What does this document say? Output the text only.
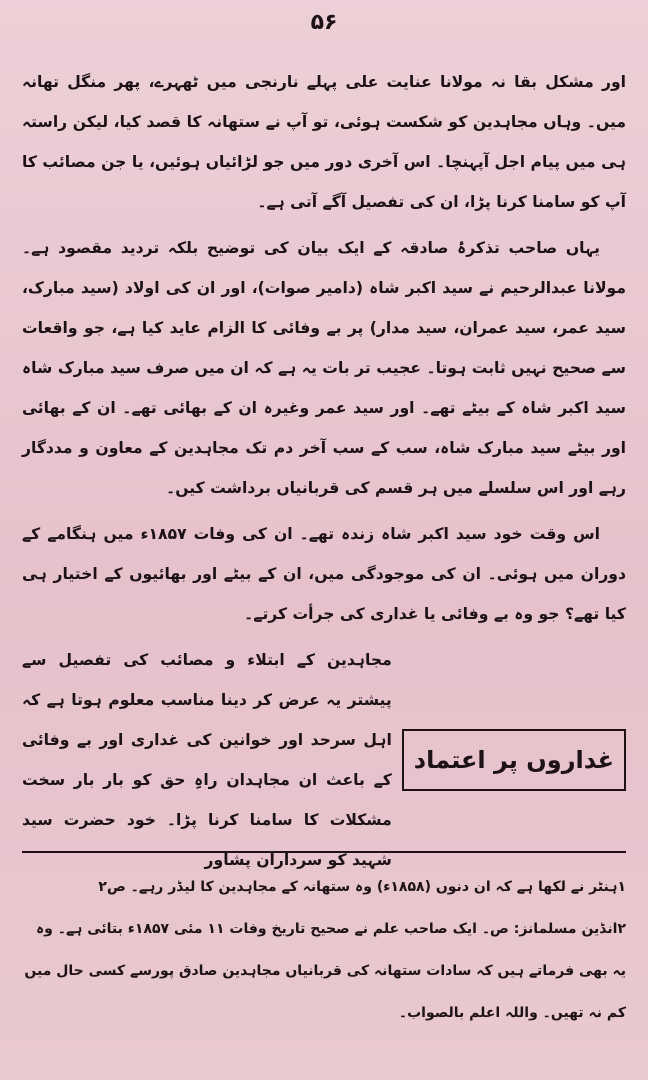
۵۶

اور مشکل بقا نہ مولانا عنایت علی پہلے نارنجی میں ٹھہرے، پھر منگل تھانہ میں۔ وہاں مجاہدین کو شکست ہوئی، تو آپ نے ستھانہ کا قصد کیا، لیکن راستہ ہی میں پیام اجل آپہنچا۔ اس آخری دور میں جو لڑائیاں ہوئیں، یا جن مصائب کا آپ کو سامنا کرنا پڑا، ان کی تفصیل آگے آتی ہے۔

یہاں صاحب تذکرۂ صادقہ کے ایک بیان کی توضیح بلکہ تردید مقصود ہے۔ مولانا عبدالرحیم نے سید اکبر شاہ (دامیر صوات)، اور ان کی اولاد (سید مبارک، سید عمر، سید عمران، سید مدار) پر بے وفائی کا الزام عاید کیا ہے، جو واقعات سے صحیح نہیں ثابت ہوتا۔ عجیب تر بات یہ ہے کہ ان میں صرف سید مبارک شاہ سید اکبر شاہ کے بیٹے تھے۔ اور سید عمر وغیرہ ان کے بھائی تھے۔ ان کے بھائی اور بیٹے سید مبارک شاہ، سب کے سب آخر دم تک مجاہدین کے معاون و مددگار رہے اور اس سلسلے میں ہر قسم کی قربانیاں برداشت کیں۔

اس وقت خود سید اکبر شاہ زندہ تھے۔ ان کی وفات ۱۸۵۷ء میں ہنگامے کے دوران میں ہوئی۔ ان کی موجودگی میں، ان کے بیٹے اور بھائیوں کے اختیار ہی کیا تھے؟ جو وہ بے وفائی یا غداری کی جرأت کرتے۔

غداروں پر اعتماد
مجاہدین کے ابتلاء و مصائب کی تفصیل سے پیشتر یہ عرض کر دینا مناسب معلوم ہوتا ہے کہ اہل سرحد اور خوانین کی غداری اور بے وفائی کے باعث ان مجاہدان راہِ حق کو بار بار سخت مشکلات کا سامنا کرنا پڑا۔ خود حضرت سید شہید کو سرداران پشاور

۱ہنٹر نے لکھا ہے کہ ان دنوں (۱۸۵۸ء) وہ ستھانہ کے مجاہدین کا لیڈر رہے۔ ص۲

۲انڈین مسلمانز: ص۔ ایک صاحب علم نے صحیح تاریخ وفات ۱۱ مئی ۱۸۵۷ء بتائی ہے۔ وہ یہ بھی فرماتے ہیں کہ سادات ستھانہ کی قربانیاں مجاہدین صادق پورسے کسی حال میں کم نہ تھیں۔ واللہ اعلم بالصواب۔
